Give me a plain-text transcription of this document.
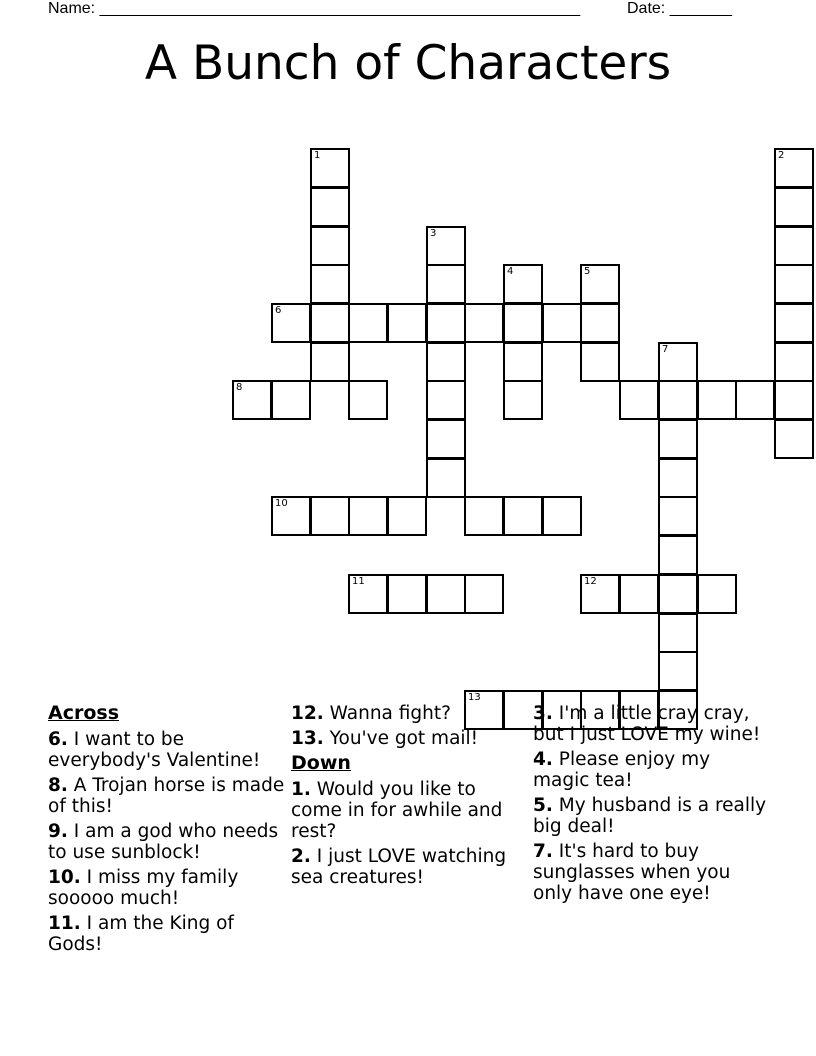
Name: ______________________________________________________	Date: _______
A Bunch of Characters
1	2
3
4	5
6
7
8
10
11	12
13
Across
6. I want to be everybody's Valentine!
8. A Trojan horse is made of this!
9. I am a god who needs to use sunblock!
10. I miss my family sooooo much!
11. I am the King of Gods!
12. Wanna fight?
13. You've got mail!
Down
1. Would you like to come in for awhile and rest?
2. I just LOVE watching sea creatures!
3. I'm a little cray cray, but I just LOVE my wine!
4. Please enjoy my magic tea!
5. My husband is a really big deal!
7. It's hard to buy sunglasses when you only have one eye!
